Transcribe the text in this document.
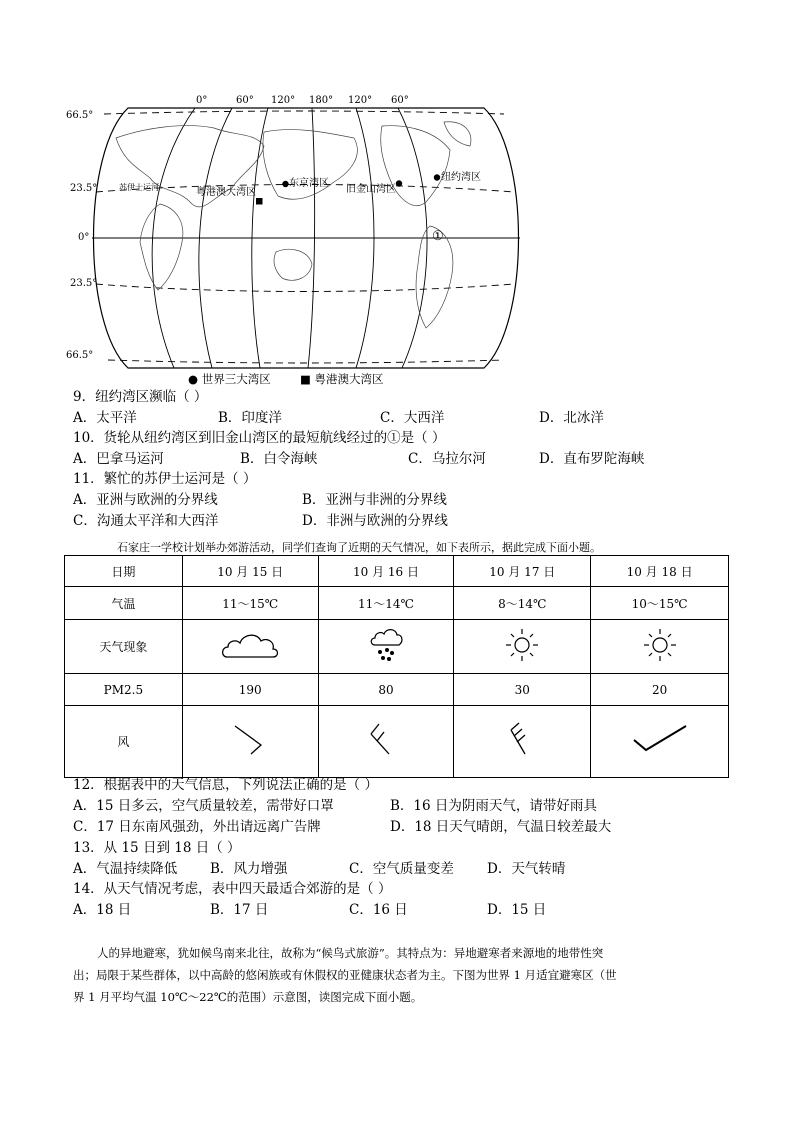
0°	60° 120° 180° 120° 60°
66.5°
23.5°
0°
23.5°
66.5°
苏伊士运河	粤港澳大湾区
东京湾区
旧金山湾区
纽约湾区
①
● 世界三大湾区	■ 粤港澳大湾区
9．纽约湾区濒临（ ）
A．太平洋	B．印度洋	C．大西洋	D．北冰洋
10．货轮从纽约湾区到旧金山湾区的最短航线经过的①是（ ）
A．巴拿马运河	B．白令海峡	C．乌拉尔河	D．直布罗陀海峡
11．繁忙的苏伊士运河是（ ）
A．亚洲与欧洲的分界线	B．亚洲与非洲的分界线
C．沟通太平洋和大西洋	D．非洲与欧洲的分界线
石家庄一学校计划举办郊游活动，同学们查询了近期的天气情况，如下表所示，据此完成下面小题。
日期	10 月 15 日	10 月 16 日	10 月 17 日	10 月 18 日
气温	11～15℃	11～14℃	8～14℃	10～15℃
天气现象				
PM2.5	190	80	30	20
风				
12．根据表中的天气信息，下列说法正确的是（ ）
A．15 日多云，空气质量较差，需带好口罩	B．16 日为阴雨天气，请带好雨具
C．17 日东南风强劲，外出请远离广告牌	D．18 日天气晴朗，气温日较差最大
13．从 15 日到 18 日（ ）
A．气温持续降低 B．风力增强	C．空气质量变差 D．天气转晴
14．从天气情况考虑，表中四天最适合郊游的是（ ）
A．18 日	B．17 日	C．16 日	D．15 日
人的异地避寒，犹如候鸟南来北往，故称为“候鸟式旅游”。其特点为：异地避寒者来源地的地带性突
出；局限于某些群体，以中高龄的悠闲族或有休假权的亚健康状态者为主。下图为世界 1 月适宜避寒区（世
界 1 月平均气温 10℃～22℃的范围）示意图，读图完成下面小题。
